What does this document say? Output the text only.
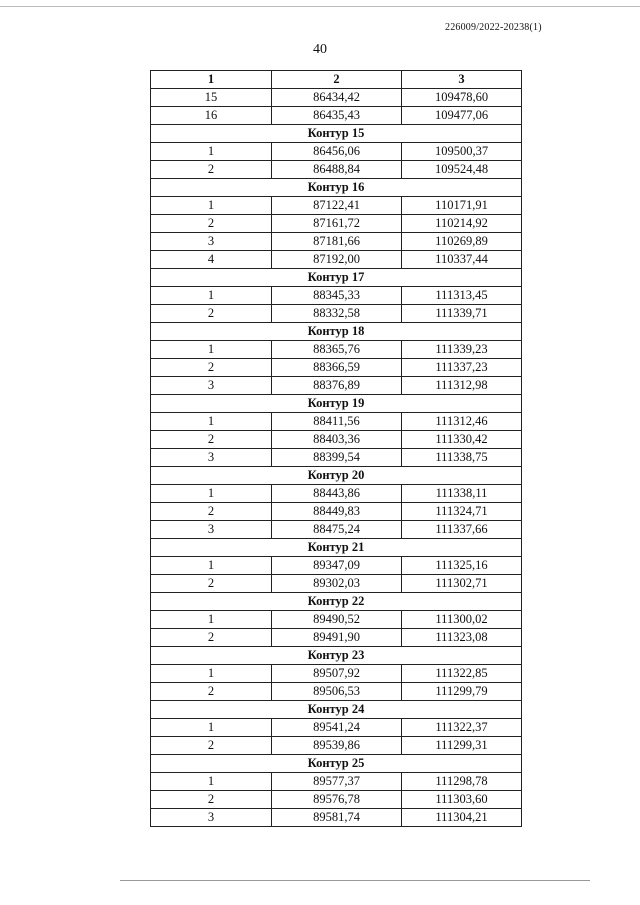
226009/2022-20238(1)
40
1	2	3
15	86434,42	109478,60
16	86435,43	109477,06
Контур 15		
1	86456,06	109500,37
2	86488,84	109524,48
Контур 16		
1	87122,41	110171,91
2	87161,72	110214,92
3	87181,66	110269,89
4	87192,00	110337,44
Контур 17		
1	88345,33	111313,45
2	88332,58	111339,71
Контур 18		
1	88365,76	111339,23
2	88366,59	111337,23
3	88376,89	111312,98
Контур 19		
1	88411,56	111312,46
2	88403,36	111330,42
3	88399,54	111338,75
Контур 20		
1	88443,86	111338,11
2	88449,83	111324,71
3	88475,24	111337,66
Контур 21		
1	89347,09	111325,16
2	89302,03	111302,71
Контур 22		
1	89490,52	111300,02
2	89491,90	111323,08
Контур 23		
1	89507,92	111322,85
2	89506,53	111299,79
Контур 24		
1	89541,24	111322,37
2	89539,86	111299,31
Контур 25		
1	89577,37	111298,78
2	89576,78	111303,60
3	89581,74	111304,21
